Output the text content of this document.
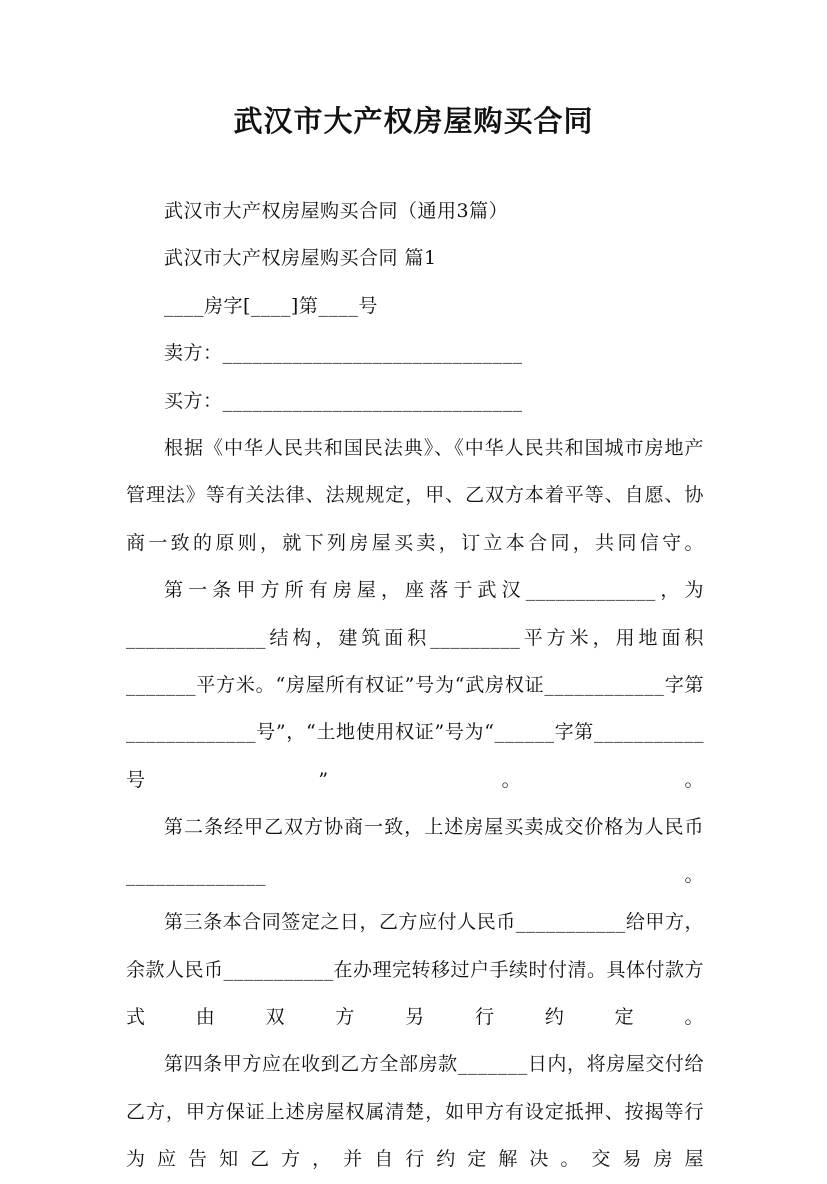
武汉市大产权房屋购买合同

武汉市大产权房屋购买合同（通用3篇）

武汉市大产权房屋购买合同 篇1

____房字[____]第____号

卖方：______________________________

买方：______________________________

根据《中华人民共和国民法典》、《中华人民共和国城市房地产管理法》等有关法律、法规规定，甲、乙双方本着平等、自愿、协商一致的原则，就下列房屋买卖，订立本合同，共同信守。

第一条甲方所有房屋，座落于武汉_____________，为______________结构，建筑面积_________平方米，用地面积_______平方米。“房屋所有权证”号为“武房权证____________字第_____________号”，“土地使用权证”号为“______字第___________号”。。

第二条经甲乙双方协商一致，上述房屋买卖成交价格为人民币______________。

第三条本合同签定之日，乙方应付人民币___________给甲方，余款人民币___________在办理完转移过户手续时付清。具体付款方式由双方另行约定。

第四条甲方应在收到乙方全部房款_______日内，将房屋交付给乙方，甲方保证上述房屋权属清楚，如甲方有设定抵押、按揭等行为应告知乙方，并自行约定解决。交易房屋
